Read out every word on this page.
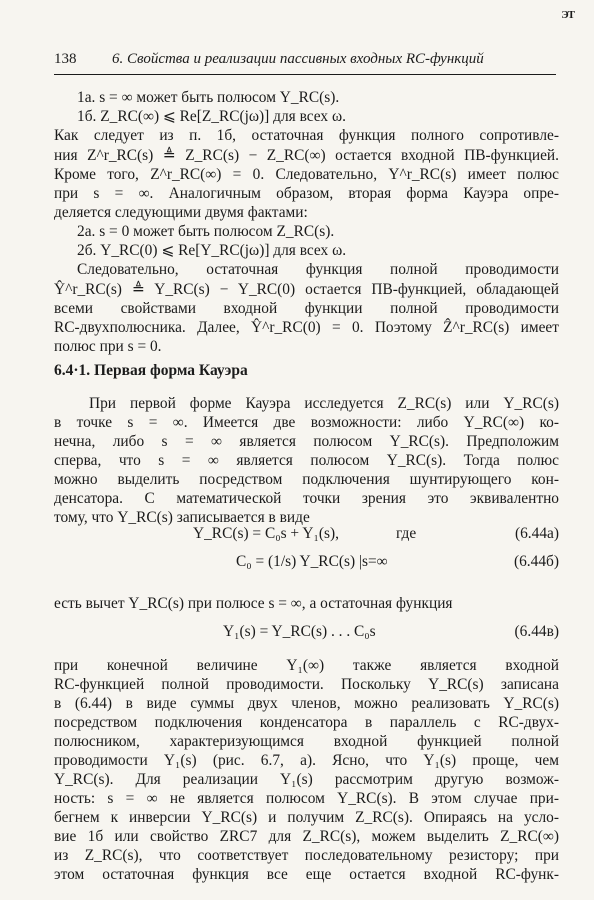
ЭТ
138 6. Свойства и реализации пассивных входных RC-функций
1а. s = ∞ может быть полюсом Y_RC(s).
1б. Z_RC(∞) ⩽ Re[Z_RC(jω)] для всех ω.
Как следует из п. 1б, остаточная функция полного сопротивле-
ния Z^r_RC(s) ≜ Z_RC(s) − Z_RC(∞) остается входной ПВ-функцией.
Кроме того, Z^r_RC(∞) = 0. Следовательно, Y^r_RC(s) имеет полюс
при s = ∞. Аналогичным образом, вторая форма Кауэра опре-
деляется следующими двумя фактами:
2а. s = 0 может быть полюсом Z_RC(s).
2б. Y_RC(0) ⩽ Re[Y_RC(jω)] для всех ω.
Следовательно, остаточная функция полной проводимости
Ŷ^r_RC(s) ≜ Y_RC(s) − Y_RC(0) остается ПВ-функцией, обладающей
всеми свойствами входной функции полной проводимости
RC-двухполюсника. Далее, Ŷ^r_RC(0) = 0. Поэтому Ẑ^r_RC(s) имеет
полюс при s = 0.
6.4·1. Первая форма Кауэра
При первой форме Кауэра исследуется Z_RC(s) или Y_RC(s)
в точке s = ∞. Имеется две возможности: либо Y_RC(∞) ко-
нечна, либо s = ∞ является полюсом Y_RC(s). Предположим
сперва, что s = ∞ является полюсом Y_RC(s). Тогда полюс
можно выделить посредством подключения шунтирующего кон-
денсатора. С математической точки зрения это эквивалентно
тому, что Y_RC(s) записывается в виде
Y_RC(s) = C₀s + Y₁(s),	где	(6.44а)
C₀ = (1/s) Y_RC(s) |s=∞	(6.44б)
есть вычет Y_RC(s) при полюсе s = ∞, а остаточная функция
Y₁(s) = Y_RC(s) . . . C₀s	(6.44в)
при конечной величине Y₁(∞) также является входной
RC-функцией полной проводимости. Поскольку Y_RC(s) записана
в (6.44) в виде суммы двух членов, можно реализовать Y_RC(s)
посредством подключения конденсатора в параллель с RC-двух-
полюсником, характеризующимся входной функцией полной
проводимости Y₁(s) (рис. 6.7, a). Ясно, что Y₁(s) проще, чем
Y_RC(s). Для реализации Y₁(s) рассмотрим другую возмож-
ность: s = ∞ не является полюсом Y_RC(s). В этом случае при-
бегнем к инверсии Y_RC(s) и получим Z_RC(s). Опираясь на усло-
вие 1б или свойство ZRC7 для Z_RC(s), можем выделить Z_RC(∞)
из Z_RC(s), что соответствует последовательному резистору; при
этом остаточная функция все еще остается входной RC-функ-
